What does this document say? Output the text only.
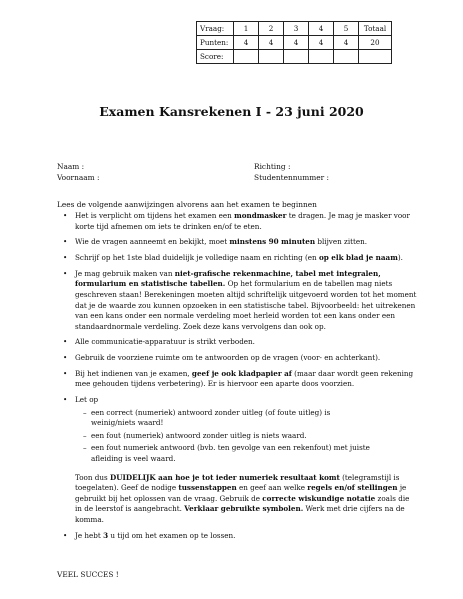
Vraag:	1	2	3	4	5	Totaal
Punten:	4	4	4	4	4	20
Score:						
Examen Kansrekenen I - 23 juni 2020
Naam :
Voornaam :
Richting :
Studentennummer :

Lees de volgende aanwijzingen alvorens aan het examen te beginnen

• Het is verplicht om tijdens het examen een mondmasker te dragen. Je mag je masker voor korte tijd afnemen om iets te drinken en/of te eten.
• Wie de vragen aanneemt en bekijkt, moet minstens 90 minuten blijven zitten.
• Schrijf op het 1ste blad duidelijk je volledige naam en richting (en op elk blad je naam).
• Je mag gebruik maken van niet-grafische rekenmachine, tabel met integralen, formularium en statistische tabellen. Op het formularium en de tabellen mag niets geschreven staan! Berekeningen moeten altijd schriftelijk uitgevoerd worden tot het moment dat je de waarde zou kunnen opzoeken in een statistische tabel. Bijvoorbeeld: het uitrekenen van een kans onder een normale verdeling moet herleid worden tot een kans onder een standaardnormale verdeling. Zoek deze kans vervolgens dan ook op.
• Alle communicatie-apparatuur is strikt verboden.
• Gebruik de voorziene ruimte om te antwoorden op de vragen (voor- en achterkant).
• Bij het indienen van je examen, geef je ook kladpapier af (maar daar wordt geen rekening mee gehouden tijdens verbetering). Er is hiervoor een aparte doos voorzien.
• Let op
– een correct (numeriek) antwoord zonder uitleg (of foute uitleg) is weinig/niets waard!
– een fout (numeriek) antwoord zonder uitleg is niets waard.
– een fout numeriek antwoord (bvb. ten gevolge van een rekenfout) met juiste afleiding is veel waard.

Toon dus DUIDELIJK aan hoe je tot ieder numeriek resultaat komt (telegramstijl is toegelaten). Geef de nodige tussenstappen en geef aan welke regels en/of stellingen je gebruikt bij het oplossen van de vraag. Gebruik de correcte wiskundige notatie zoals die in de leerstof is aangebracht. Verklaar gebruikte symbolen. Werk met drie cijfers na de komma.

• Je hebt 3 u tijd om het examen op te lossen.

VEEL SUCCES !
